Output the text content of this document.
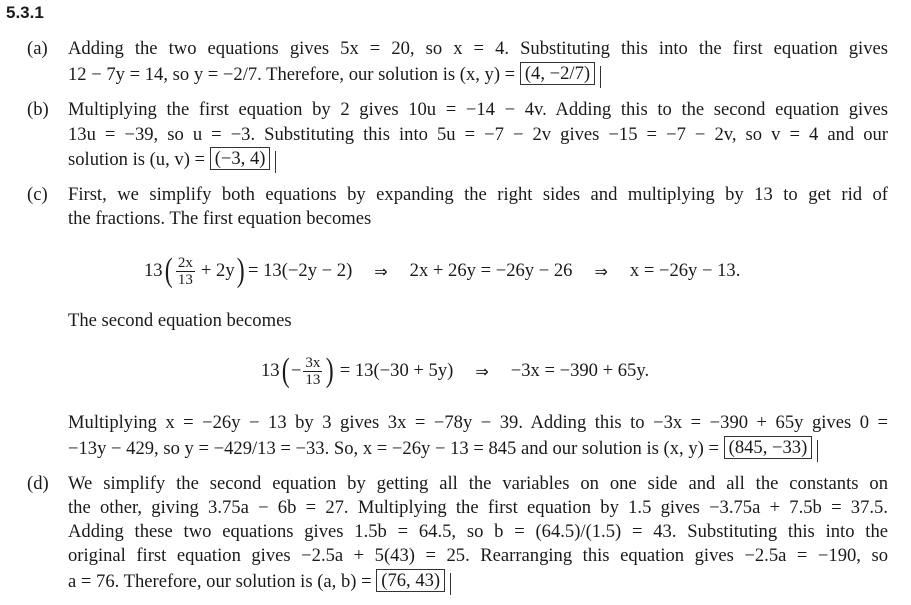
5.3.1
(a) Adding the two equations gives 5x = 20, so x = 4. Substituting this into the first equation gives
12 − 7y = 14, so y = −2/7. Therefore, our solution is (x, y) = (4, −2/7)
(b) Multiplying the first equation by 2 gives 10u = −14 − 4v. Adding this to the second equation gives
13u = −39, so u = −3. Substituting this into 5u = −7 − 2v gives −15 = −7 − 2v, so v = 4 and our
solution is (u, v) = (−3, 4)
(c) First, we simplify both equations by expanding the right sides and multiplying by 13 to get rid of
the fractions. The first equation becomes
13 ( $\frac{2x}{13} + 2y$ ) = 13(−2y − 2) ⇒ 2x + 26y = −26y − 26 ⇒ x = −26y − 13.
The second equation becomes
13 ( − $\frac{3x}{13}$ ) = 13(−30 + 5y) ⇒ −3x = −390 + 65y.
Multiplying x = −26y − 13 by 3 gives 3x = −78y − 39. Adding this to −3x = −390 + 65y gives 0 =
−13y − 429, so y = −429/13 = −33. So, x = −26y − 13 = 845 and our solution is (x, y) = (845, −33)
(d) We simplify the second equation by getting all the variables on one side and all the constants on
the other, giving 3.75a − 6b = 27. Multiplying the first equation by 1.5 gives −3.75a + 7.5b = 37.5.
Adding these two equations gives 1.5b = 64.5, so b = (64.5)/(1.5) = 43. Substituting this into the
original first equation gives −2.5a + 5(43) = 25. Rearranging this equation gives −2.5a = −190, so
a = 76. Therefore, our solution is (a, b) = (76, 43)
